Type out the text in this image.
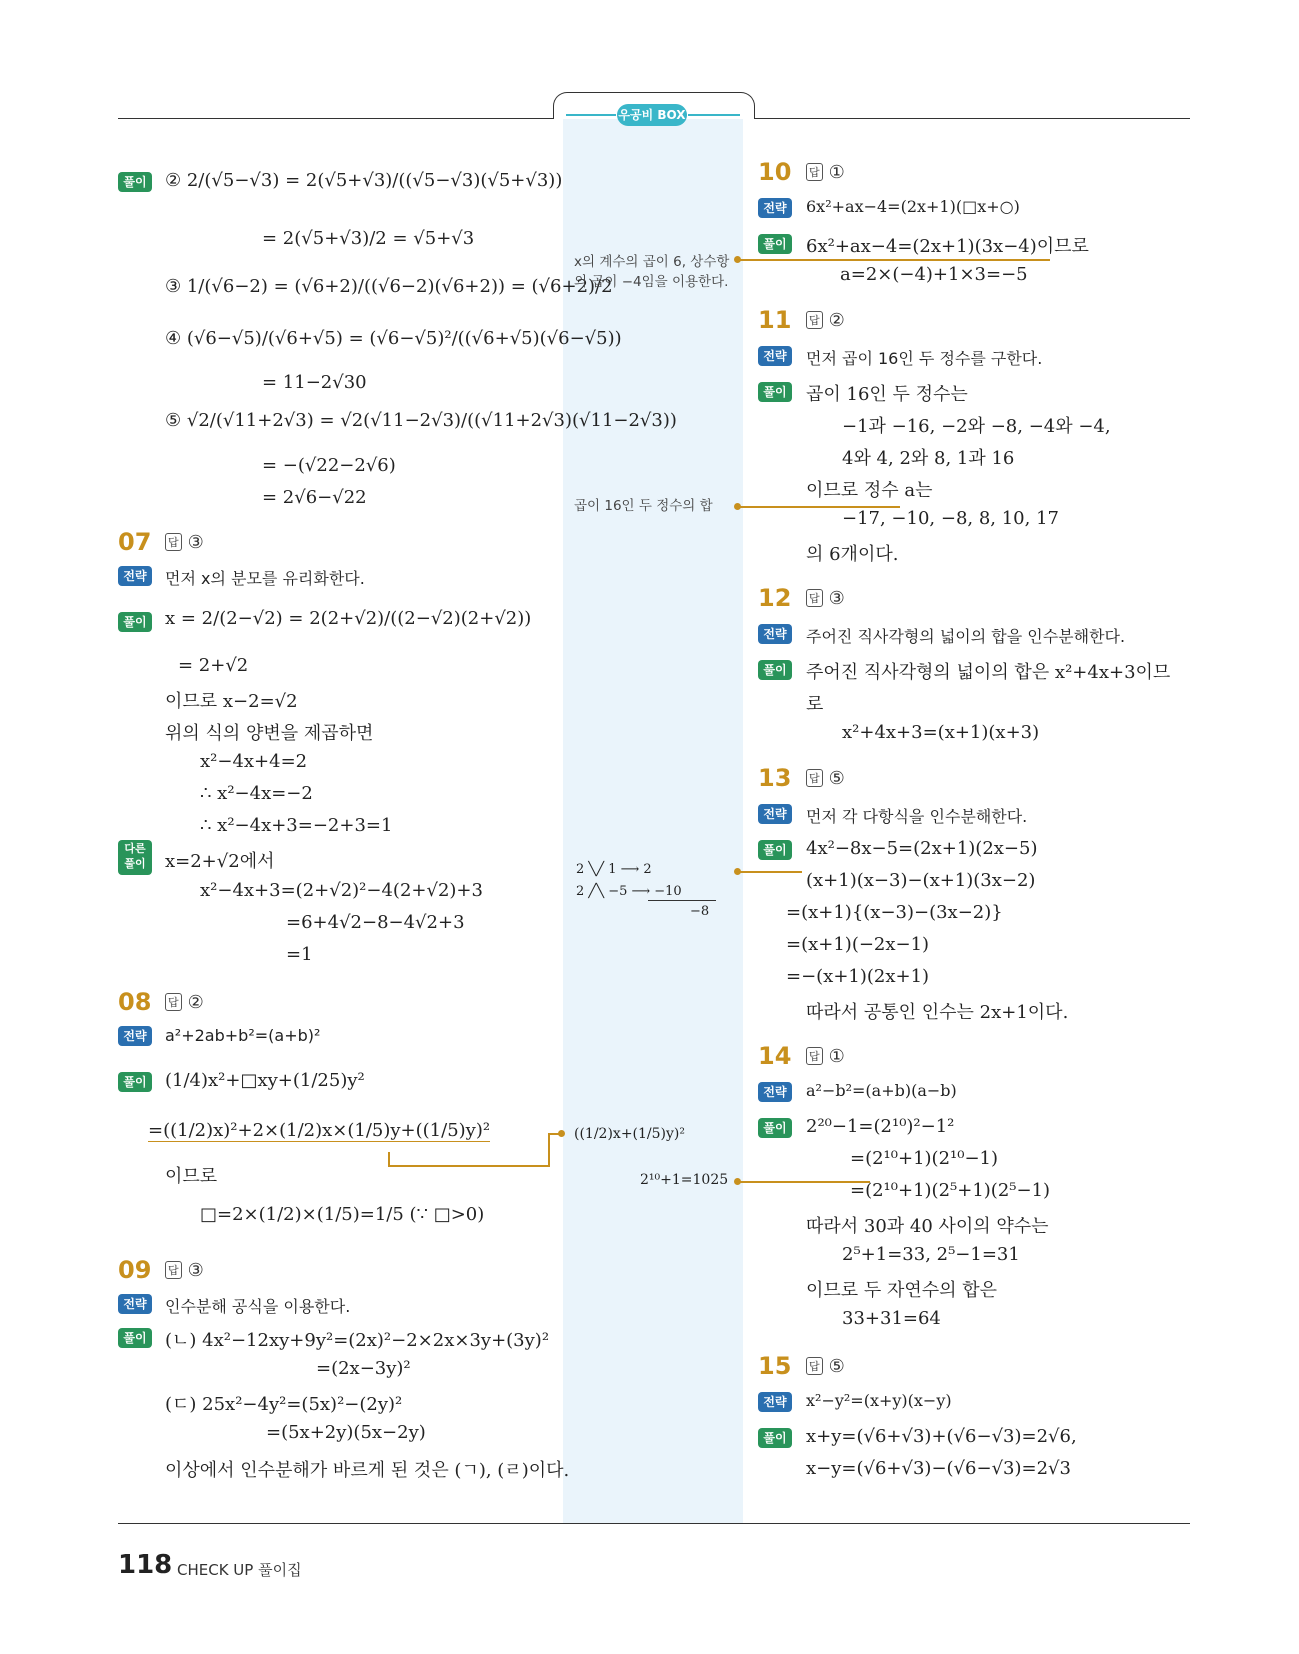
우공비 BOX
풀이	② 2/(√5−√3) = 2(√5+√3)/((√5−√3)(√5+√3))
= 2(√5+√3)/2 = √5+√3
③ 1/(√6−2) = (√6+2)/((√6−2)(√6+2)) = (√6+2)/2
④ (√6−√5)/(√6+√5) = (√6−√5)²/((√6+√5)(√6−√5))
= 11−2√30
⑤ √2/(√11+2√3) = √2(√11−2√3)/((√11+2√3)(√11−2√3))
= −(√22−2√6)
= 2√6−√22
07 답 ③
전략	먼저 x의 분모를 유리화한다.
풀이	x = 2/(2−√2) = 2(2+√2)/((2−√2)(2+√2))
= 2+√2
이므로 x−2=√2
위의 식의 양변을 제곱하면
x²−4x+4=2
∴ x²−4x=−2
∴ x²−4x+3=−2+3=1
다른 풀이	x=2+√2에서
x²−4x+3=(2+√2)²−4(2+√2)+3
=6+4√2−8−4√2+3
=1
08 답 ②
전략	a²+2ab+b²=(a+b)²
풀이	(1/4)x²+□xy+(1/25)y²
=((1/2)x)²+2×(1/2)x×(1/5)y+((1/5)y)²
이므로
□=2×(1/2)×(1/5)=1/5 (∵ □>0)
09 답 ③
전략	인수분해 공식을 이용한다.
풀이	(ㄴ) 4x²−12xy+9y²=(2x)²−2×2x×3y+(3y)²
=(2x−3y)²
(ㄷ) 25x²−4y²=(5x)²−(2y)²
=(5x+2y)(5x−2y)
이상에서 인수분해가 바르게 된 것은 (ㄱ), (ㄹ)이다.
x의 계수의 곱이 6, 상수항의 곱이 −4임을 이용한다.
곱이 16인 두 정수의 합
2 ╲╱ 1 ⟶ 2
2 ╱╲ −5 ⟶ −10
−8
((1/2)x+(1/5)y)²
2¹⁰+1=1025
10 답 ①
전략	6x²+ax−4=(2x+1)(□x+○)
풀이	6x²+ax−4=(2x+1)(3x−4)이므로
a=2×(−4)+1×3=−5
11 답 ②
전략	먼저 곱이 16인 두 정수를 구한다.
풀이	곱이 16인 두 정수는
−1과 −16, −2와 −8, −4와 −4,
4와 4, 2와 8, 1과 16
이므로 정수 a는
−17, −10, −8, 8, 10, 17
의 6개이다.
12 답 ③
전략	주어진 직사각형의 넓이의 합을 인수분해한다.
풀이	주어진 직사각형의 넓이의 합은 x²+4x+3이므
로
x²+4x+3=(x+1)(x+3)
13 답 ⑤
전략	먼저 각 다항식을 인수분해한다.
풀이	4x²−8x−5=(2x+1)(2x−5)
(x+1)(x−3)−(x+1)(3x−2)
=(x+1){(x−3)−(3x−2)}
=(x+1)(−2x−1)
=−(x+1)(2x+1)
따라서 공통인 인수는 2x+1이다.
14 답 ①
전략	a²−b²=(a+b)(a−b)
풀이	2²⁰−1=(2¹⁰)²−1²
=(2¹⁰+1)(2¹⁰−1)
=(2¹⁰+1)(2⁵+1)(2⁵−1)
따라서 30과 40 사이의 약수는
2⁵+1=33, 2⁵−1=31
이므로 두 자연수의 합은
33+31=64
15 답 ⑤
전략	x²−y²=(x+y)(x−y)
풀이	x+y=(√6+√3)+(√6−√3)=2√6,
x−y=(√6+√3)−(√6−√3)=2√3
118 CHECK UP 풀이집
